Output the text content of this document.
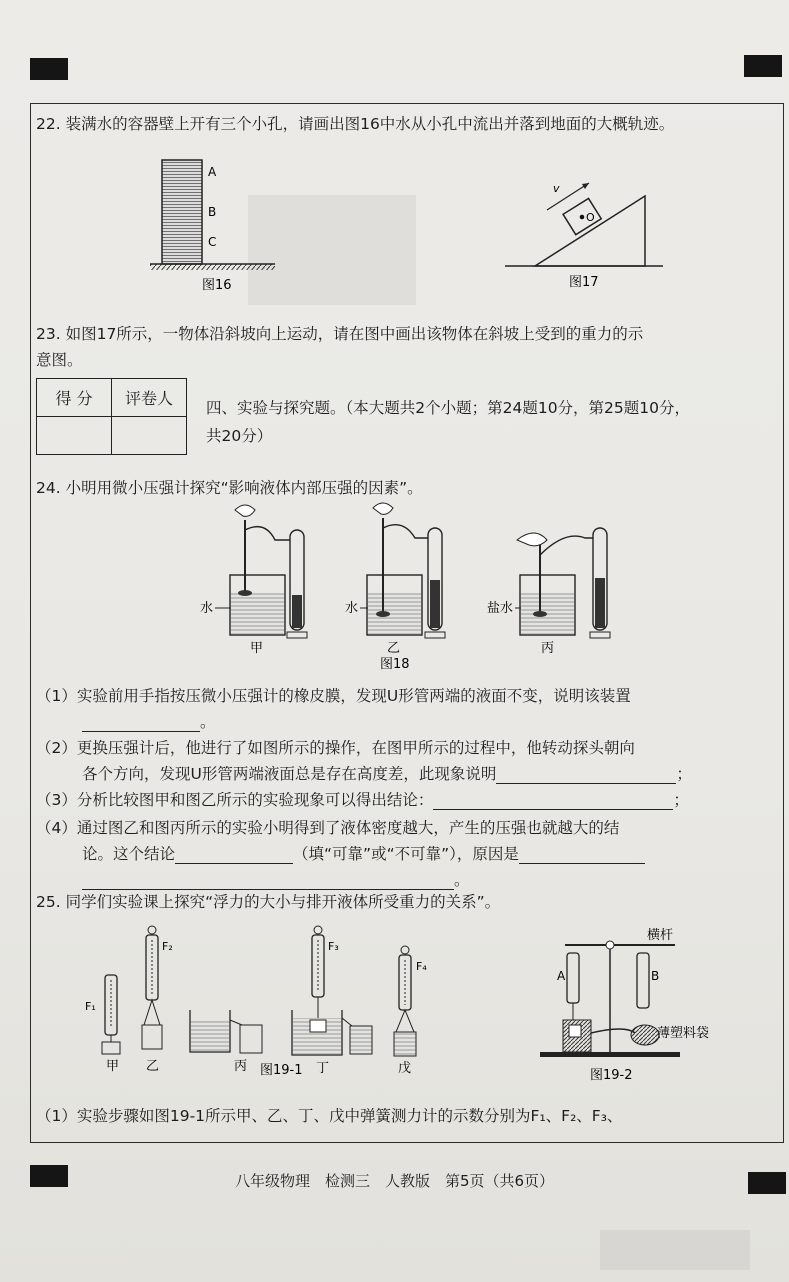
22. 装满水的容器壁上开有三个小孔，请画出图16中水从小孔中流出并落到地面的大概轨迹。
A
B
C
图16
O
v
图17
23. 如图17所示，一物体沿斜坡向上运动，请在图中画出该物体在斜坡上受到的重力的示
意图。
得 分	评卷人
	四、实验与探究题。（本大题共2个小题；第24题10分，第25题10分，
共20分）
24. 小明用微小压强计探究“影响液体内部压强的因素”。
水
甲
水
乙
图18
盐水
丙
（1）实验前用手指按压微小压强计的橡皮膜，发现U形管两端的液面不变，说明该装置
。
（2）更换压强计后，他进行了如图所示的操作，在图甲所示的过程中，他转动探头朝向
各个方向，发现U形管两端液面总是存在高度差，此现象说明	；
（3）分析比较图甲和图乙所示的实验现象可以得出结论：	；
（4）通过图乙和图丙所示的实验小明得到了液体密度越大，产生的压强也就越大的结
论。这个结论	（填“可靠”或“不可靠”），原因是
。
25. 同学们实验课上探究“浮力的大小与排开液体所受重力的关系”。
F₁
甲
F₂
乙	丙
F₃
丁
F₄
戊
图19-1
横杆
A	B
薄塑料袋
图19-2
（1）实验步骤如图19-1所示甲、乙、丁、戊中弹簧测力计的示数分别为F₁、F₂、F₃、
八年级物理　检测三　人教版　第5页（共6页）
